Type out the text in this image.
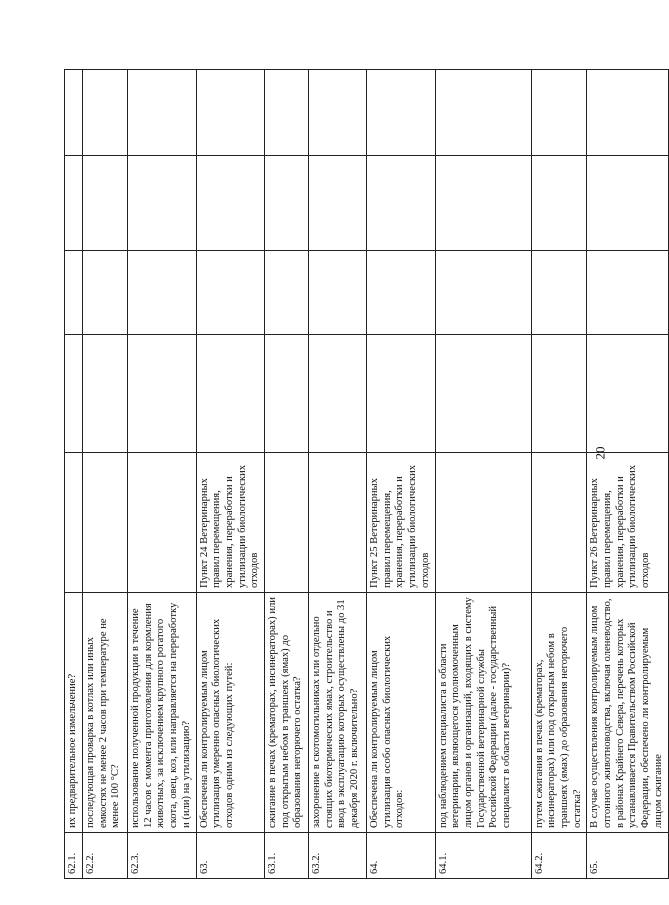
20
62.1.	их предварительное измельчение?					
62.2.	последующая проварка в котлах или иных емкостях не менее 2 часов при температуре не менее 100 °С?					
62.3.	использование полученной продукции в течение 12 часов с момента приготовления для кормления животных, за исключением крупного рогатого скота, овец, коз, или направляется на переработку и (или) на утилизацию?					
63.	Обеспечена ли контролируемым лицом утилизация умеренно опасных биологических отходов одним из следующих путей:	Пункт 24 Ветеринарных правил перемещения, хранения, переработки и утилизации биологических отходов				
63.1.	сжигание в печах (крематорах, инсинераторах) или под открытым небом в траншеях (ямах) до образования негорючего остатка?					
63.2.	захоронение в скотомогильниках или отдельно стоящих биотермических ямах, строительство и ввод в эксплуатацию которых осуществлены до 31 декабря 2020 г. включительно?					
64.	Обеспечена ли контролируемым лицом утилизация особо опасных биологических отходов:	Пункт 25 Ветеринарных правил перемещения, хранения, переработки и утилизации биологических отходов				
64.1.	под наблюдением специалиста в области ветеринарии, являющегося уполномоченным лицом органов и организаций, входящих в систему Государственной ветеринарной службы Российской Федерации (далее - государственный специалист в области ветеринарии)?					
64.2.	путем сжигания в печах (крематорах, инсинераторах) или под открытым небом в траншеях (ямах) до образования негорючего остатка?					
65.	В случае осуществления контролируемым лицом отгонного животноводства, включая оленеводство, в районах Крайнего Севера, перечень которых устанавливается Правительством Российской Федерации, обеспечено ли контролируемым лицом сжигание	Пункт 26 Ветеринарных правил перемещения, хранения, переработки и утилизации биологических отходов				
